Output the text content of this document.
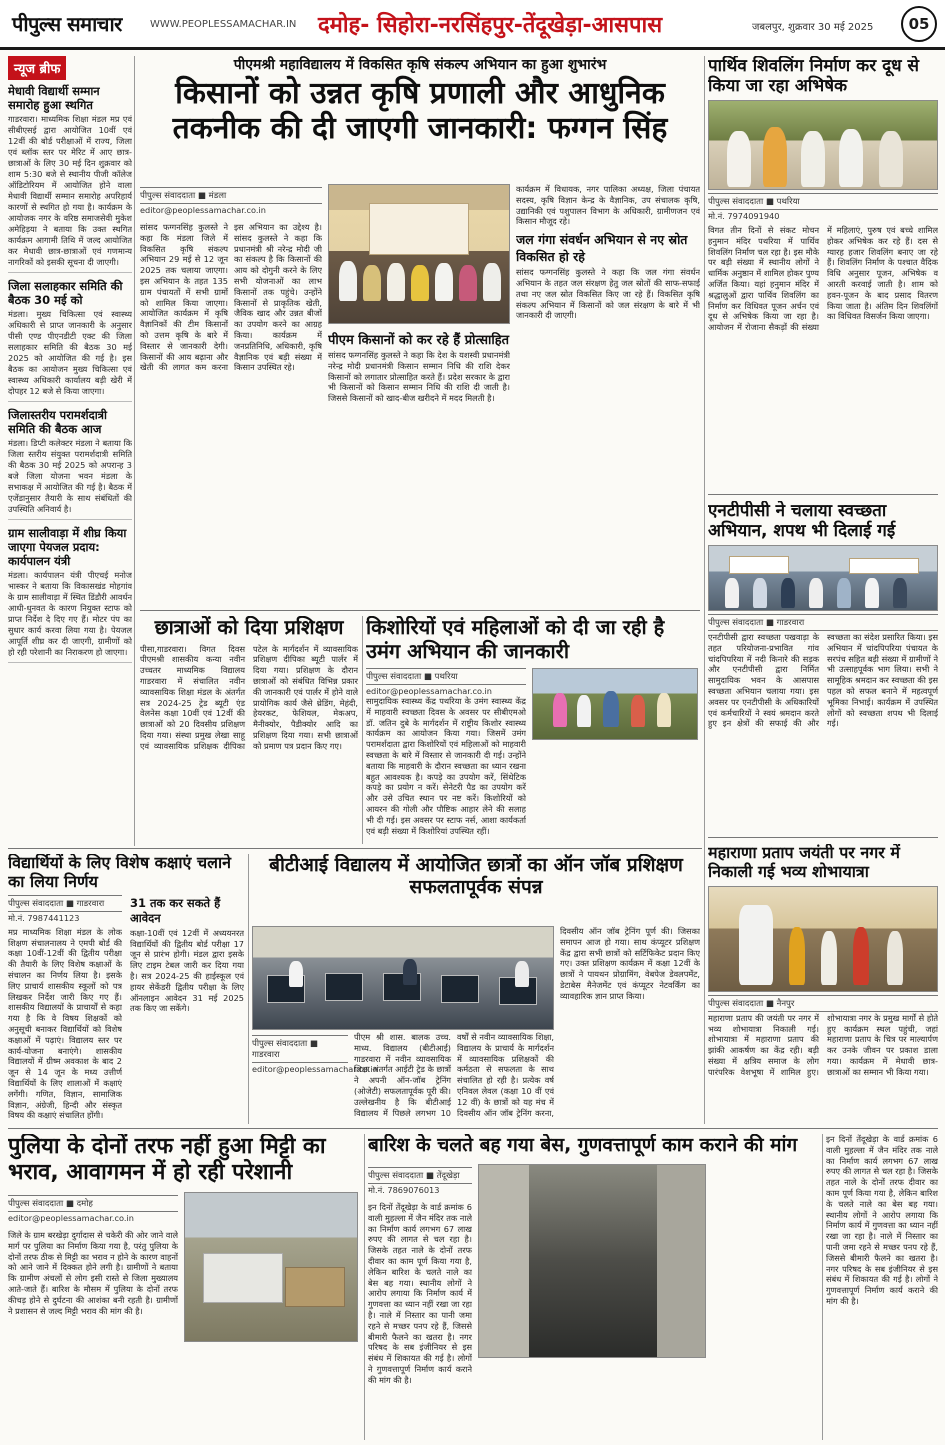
पीपुल्स समाचार	WWW.PEOPLESSAMACHAR.IN दमोह- सिहोरा-नरसिंहपुर-तेंदूखेड़ा-आसपास	जबलपुर, शुक्रवार 30 मई 2025	05
न्यूज ब्रीफ
मेधावी विद्यार्थी सम्मान समारोह हुआ स्थगित

गाडरवारा। माध्यमिक शिक्षा मंडल मप्र एवं सीबीएसई द्वारा आयोजित 10वीं एवं 12वीं की बोर्ड परीक्षाओं में राज्य, जिला एवं ब्लॉक स्तर पर मेरिट में आए छात्र-छात्राओं के लिए 30 मई दिन शुक्रवार को शाम 5:30 बजे से स्थानीय पीजी कॉलेज ऑडिटोरियम में आयोजित होने वाला मेधावी विद्यार्थी सम्मान समारोह अपरिहार्य कारणों से स्थगित हो गया है। कार्यक्रम के आयोजक नगर के वरिष्ठ समाजसेवी मुकेश अमेहिड़या ने बताया कि उक्त स्थगित कार्यक्रम आगामी तिथि में जल्द आयोजित कर मेधावी छात्र-छात्राओं एवं गणमान्य नागरिकों को इसकी सूचना दी जाएगी।

जिला सलाहकार समिति की बैठक 30 मई को

मंडला। मुख्य चिकित्सा एवं स्वास्थ्य अधिकारी से प्राप्त जानकारी के अनुसार पीसी एण्ड पीएनडीटी एक्ट की जिला सलाहकार समिति की बैठक 30 मई 2025 को आयोजित की गई है। इस बैठक का आयोजन मुख्य चिकित्सा एवं स्वास्थ्य अधिकारी कार्यालय बड़ी खेरी में दोपहर 12 बजे से किया जाएगा।

जिलास्तरीय परामर्शदात्री समिति की बैठक आज

मंडला। डिप्टी कलेक्टर मंडला ने बताया कि जिला स्तरीय संयुक्त परामर्शदात्री समिति की बैठक 30 मई 2025 को अपरान्ह 3 बजे जिला योजना भवन मंडला के सभाकक्ष में आयोजित की गई है। बैठक में एजेंडानुसार तैयारी के साथ संबंधितों की उपस्थिति अनिवार्य है।

ग्राम सालीवाड़ा में शीघ्र किया जाएगा पेयजल प्रदाय: कार्यपालन यंत्री

मंडला। कार्यपालन यंत्री पीएचई मनोज भास्कर ने बताया कि विकासखंड मोहगांव के ग्राम सालीवाड़ा में स्थित डिंडौरी आवर्धन आधी-धुनवत के कारण नियुक्त स्टाफ को प्राप्त निर्देश दे दिए गए हैं। मोटर पंप का सुधार कार्य करवा लिया गया है। पेयजल आपूर्ति शीघ्र कर दी जाएगी, ग्रामीणों को हो रही परेशानी का निराकरण हो जाएगा।

पीएमश्री महाविद्यालय में विकसित कृषि संकल्प अभियान का हुआ शुभारंभ
किसानों को उन्नत कृषि प्रणाली और आधुनिक तकनीक की दी जाएगी जानकारी: फग्गन सिंह
पीपुल्स संवाददाता ■ मंडला
editor@peoplessamachar.co.in
सांसद फग्गनसिंह कुलस्ते ने कहा कि मंडला जिले में विकसित कृषि संकल्प अभियान 29 मई से 12 जून 2025 तक चलाया जाएगा। इस अभियान के तहत 135 ग्राम पंचायतों में सभी ग्रामों को शामिल किया जाएगा। आयोजित कार्यक्रम में कृषि वैज्ञानिकों की टीम किसानों को उत्तम कृषि के बारे में विस्तार से जानकारी देगी। किसानों की आय बढ़ाना और खेती की लागत कम करना इस अभियान का उद्देश्य है। सांसद कुलस्ते ने कहा कि प्रधानमंत्री श्री नरेन्द्र मोदी जी का संकल्प है कि किसानों की आय को दोगुनी करने के लिए सभी योजनाओं का लाभ किसानों तक पहुंचे। उन्होंने किसानों से प्राकृतिक खेती, जैविक खाद और उन्नत बीजों का उपयोग करने का आग्रह किया। कार्यक्रम में जनप्रतिनिधि, अधिकारी, कृषि वैज्ञानिक एवं बड़ी संख्या में किसान उपस्थित रहे।
पीएम किसानों को कर रहे हैं प्रोत्साहित
सांसद फग्गनसिंह कुलस्ते ने कहा कि देश के यशस्वी प्रधानमंत्री नरेन्द्र मोदी प्रधानमंत्री किसान सम्मान निधि की राशि देकर किसानों को लगातार प्रोत्साहित करते हैं। प्रदेश सरकार के द्वारा भी किसानों को किसान सम्मान निधि की राशि दी जाती है। जिससे किसानों को खाद-बीज खरीदने में मदद मिलती है।
कार्यक्रम में विधायक, नगर पालिका अध्यक्ष, जिला पंचायत सदस्य, कृषि विज्ञान केन्द्र के वैज्ञानिक, उप संचालक कृषि, उद्यानिकी एवं पशुपालन विभाग के अधिकारी, ग्रामीणजन एवं किसान मौजूद रहे।
जल गंगा संवर्धन अभियान से नए स्रोत विकसित हो रहे
सांसद फग्गनसिंह कुलस्ते ने कहा कि जल गंगा संवर्धन अभियान के तहत जल संरक्षण हेतु जल स्रोतों की साफ-सफाई तथा नए जल स्रोत विकसित किए जा रहे हैं। विकसित कृषि संकल्प अभियान में किसानों को जल संरक्षण के बारे में भी जानकारी दी जाएगी।
छात्राओं को दिया प्रशिक्षण
पीसा,गाडरवारा। विगत दिवस पीएमश्री शासकीय कन्या नवीन उच्चतर माध्यमिक विद्यालय गाडरवारा में संचालित नवीन व्यावसायिक शिक्षा मंडल के अंतर्गत सत्र 2024-25 ट्रेड ब्यूटी एंड वेलनेस कक्षा 10वीं एवं 12वीं की छात्राओं को 20 दिवसीय प्रशिक्षण दिया गया। संस्था प्रमुख लेखा साहू एवं व्यावसायिक प्रशिक्षक दीपिका पटेल के मार्गदर्शन में व्यावसायिक प्रशिक्षण दीपिका ब्यूटी पार्लर में दिया गया। प्रशिक्षण के दौरान छात्राओं को संबंधित विभिन्न प्रकार की जानकारी एवं पार्लर में होने वाले प्रायोगिक कार्य जैसे थ्रेडिंग, मेहंदी, हेयरकट, फेशियल, मेकअप, मैनीक्योर, पैडीक्योर आदि का प्रशिक्षण दिया गया। सभी छात्राओं को प्रमाण पत्र प्रदान किए गए।
किशोरियों एवं महिलाओं को दी जा रही है उमंग अभियान की जानकारी
पीपुल्स संवाददाता ■ पथरिया
editor@peoplessamachar.co.in
सामुदायिक स्वास्थ्य केंद्र पथरिया के उमंग स्वास्थ्य केंद्र में माहवारी स्वच्छता दिवस के अवसर पर सीबीएमओ डॉ. जतिन दुबे के मार्गदर्शन में राष्ट्रीय किशोर स्वास्थ्य कार्यक्रम का आयोजन किया गया। जिसमें उमंग परामर्शदाता द्वारा किशोरियों एवं महिलाओं को माहवारी स्वच्छता के बारे में विस्तार से जानकारी दी गई। उन्होंने बताया कि माहवारी के दौरान स्वच्छता का ध्यान रखना बहुत आवश्यक है। कपड़े का उपयोग करें, सिंथेटिक कपड़े का प्रयोग न करें। सेनेटरी पैड का उपयोग करें और उसे उचित स्थान पर नष्ट करें। किशोरियों को आयरन की गोली और पौष्टिक आहार लेने की सलाह भी दी गई। इस अवसर पर स्टाफ नर्स, आशा कार्यकर्ता एवं बड़ी संख्या में किशोरियां उपस्थित रहीं।
पार्थिव शिवलिंग निर्माण कर दूध से किया जा रहा अभिषेक
पीपुल्स संवाददाता ■ पथरिया
मो.नं. 7974091940
विगत तीन दिनों से संकट मोचन हनुमान मंदिर पथरिया में पार्थिव शिवलिंग निर्माण चल रहा है। इस मौके पर बड़ी संख्या में स्थानीय लोगों ने धार्मिक अनुष्ठान में शामिल होकर पुण्य अर्जित किया। यहां हनुमान मंदिर में श्रद्धालुओं द्वारा पार्थिव शिवलिंग का निर्माण कर विधिवत पूजन अर्चन एवं दूध से अभिषेक किया जा रहा है। आयोजन में रोजाना सैकड़ों की संख्या में महिलाएं, पुरुष एवं बच्चे शामिल होकर अभिषेक कर रहे हैं। दस से ग्यारह हजार शिवलिंग बनाए जा रहे हैं। शिवलिंग निर्माण के पश्चात वैदिक विधि अनुसार पूजन, अभिषेक व आरती करवाई जाती है। शाम को हवन-पूजन के बाद प्रसाद वितरण किया जाता है। अंतिम दिन शिवलिंगों का विधिवत विसर्जन किया जाएगा।
एनटीपीसी ने चलाया स्वच्छता अभियान, शपथ भी दिलाई गई
पीपुल्स संवाददाता ■ गाडरवारा
एनटीपीसी द्वारा स्वच्छता पखवाड़ा के तहत परियोजना-प्रभावित गांव चांदपिपरिया में नदी किनारे की सड़क और एनटीपीसी द्वारा निर्मित सामुदायिक भवन के आसपास स्वच्छता अभियान चलाया गया। इस अवसर पर एनटीपीसी के अधिकारियों एवं कर्मचारियों ने स्वयं श्रमदान करते हुए इन क्षेत्रों की सफाई की और स्वच्छता का संदेश प्रसारित किया। इस अभियान में चांदपिपरिया पंचायत के सरपंच सहित बड़ी संख्या में ग्रामीणों ने भी उत्साहपूर्वक भाग लिया। सभी ने सामूहिक श्रमदान कर स्वच्छता की इस पहल को सफल बनाने में महत्वपूर्ण भूमिका निभाई। कार्यक्रम में उपस्थित लोगों को स्वच्छता शपथ भी दिलाई गई।
महाराणा प्रताप जयंती पर नगर में निकाली गई भव्य शोभायात्रा
पीपुल्स संवाददाता ■ नैनपुर
महाराणा प्रताप की जयंती पर नगर में भव्य शोभायात्रा निकाली गई। शोभायात्रा में महाराणा प्रताप की झांकी आकर्षण का केंद्र रही। बड़ी संख्या में क्षत्रिय समाज के लोग पारंपरिक वेशभूषा में शामिल हुए। शोभायात्रा नगर के प्रमुख मार्गों से होते हुए कार्यक्रम स्थल पहुंची, जहां महाराणा प्रताप के चित्र पर माल्यार्पण कर उनके जीवन पर प्रकाश डाला गया। कार्यक्रम में मेधावी छात्र-छात्राओं का सम्मान भी किया गया।
विद्यार्थियों के लिए विशेष कक्षाएं चलाने का लिया निर्णय
पीपुल्स संवाददाता ■ गाडरवारा
मो.नं. 7987441123
मप्र माध्यमिक शिक्षा मंडल के लोक शिक्षण संचालनालय ने एमपी बोर्ड की कक्षा 10वीं-12वीं की द्वितीय परीक्षा की तैयारी के लिए विशेष कक्षाओं के संचालन का निर्णय लिया है। इसके लिए प्राचार्य शासकीय स्कूलों को पत्र लिखकर निर्देश जारी किए गए हैं। शासकीय विद्यालयों के प्राचार्यों से कहा गया है कि वे विषय शिक्षकों को अनुसूची बनाकर विद्यार्थियों को विशेष कक्षाओं में पढ़ाएं। विद्यालय स्तर पर कार्य-योजना बनाएंगे। शासकीय विद्यालयों में ग्रीष्म अवकाश के बाद 2 जून से 14 जून के मध्य उत्तीर्ण विद्यार्थियों के लिए शालाओं में कक्षाएं लगेंगी। गणित, विज्ञान, सामाजिक विज्ञान, अंग्रेजी, हिन्दी और संस्कृत विषय की कक्षाएं संचालित होंगी।
31 तक कर सकते हैं आवेदन
कक्षा-10वीं एवं 12वीं में अध्ययनरत विद्यार्थियों की द्वितीय बोर्ड परीक्षा 17 जून से प्रारंभ होगी। मंडल द्वारा इसके लिए टाइम टेबल जारी कर दिया गया है। सत्र 2024-25 की हाईस्कूल एवं हायर सेकेंडरी द्वितीय परीक्षा के लिए ऑनलाइन आवेदन 31 मई 2025 तक किए जा सकेंगे।
बीटीआई विद्यालय में आयोजित छात्रों का ऑन जॉब प्रशिक्षण सफलतापूर्वक संपन्न
दिवसीय ऑन जॉब ट्रेनिंग पूर्ण की। जिसका समापन आज हो गया। साथ कंप्यूटर प्रशिक्षण केंद्र द्वारा सभी छात्रों को सर्टिफिकेट प्रदान किए गए। उक्त प्रशिक्षण कार्यक्रम में कक्षा 12वीं के छात्रों ने पायथन प्रोग्रामिंग, वेबपेज डेवलपमेंट, डेटाबेस मैनेजमेंट एवं कंप्यूटर नेटवर्किंग का व्यावहारिक ज्ञान प्राप्त किया।
पीपुल्स संवाददाता ■ गाडरवारा
editor@peoplessamachar.co.in
पीएम श्री शास. बालक उच्च. माध्य. विद्यालय (बीटीआई) गाडरवारा में नवीन व्यावसायिक शिक्षा अंतर्गत आईटी ट्रेड के छात्रों ने अपनी ऑन-जॉब ट्रेनिंग (ओजेटी) सफलतापूर्वक पूरी की। उल्लेखनीय है कि बीटीआई विद्यालय में पिछले लगभग 10 वर्षों से नवीन व्यावसायिक शिक्षा, विद्यालय के प्राचार्य के मार्गदर्शन में व्यावसायिक प्रशिक्षकों की कर्मठता से सफलता के साथ संचालित हो रही है। प्रत्येक वर्ष एनिवल लेवल (कक्षा 10 वीं एवं 12 वीं) के छात्रों को यह मंच में दिवसीय ऑन जॉब ट्रेनिंग करना,
पुलिया के दोनों तरफ नहीं हुआ मिट्टी का भराव, आवागमन में हो रही परेशानी
पीपुल्स संवाददाता ■ दमोह
editor@peoplessamachar.co.in
जिले के ग्राम बरखेड़ा दुर्गादास से चकेरी की ओर जाने वाले मार्ग पर पुलिया का निर्माण किया गया है, परंतु पुलिया के दोनों तरफ ठीक से मिट्टी का भराव न होने के कारण वाहनों को आने जाने में दिक्कत होने लगी है। ग्रामीणों ने बताया कि ग्रामीण अंचलों से लोग इसी रास्ते से जिला मुख्यालय आते-जाते हैं। बारिश के मौसम में पुलिया के दोनों तरफ कीचड़ होने से दुर्घटना की आशंका बनी रहती है। ग्रामीणों ने प्रशासन से जल्द मिट्टी भराव की मांग की है।
बारिश के चलते बह गया बेस, गुणवत्तापूर्ण काम कराने की मांग
पीपुल्स संवाददाता ■ तेंदूखेड़ा
मो.नं. 7869076013
इन दिनों तेंदूखेड़ा के वार्ड क्रमांक 6 वाली मुहल्ला में जैन मंदिर तक नाले का निर्माण कार्य लगभग 67 लाख रुपए की लागत से चल रहा है। जिसके तहत नाले के दोनों तरफ दीवार का काम पूर्ण किया गया है, लेकिन बारिश के चलते नाले का बेस बह गया। स्थानीय लोगों ने आरोप लगाया कि निर्माण कार्य में गुणवत्ता का ध्यान नहीं रखा जा रहा है। नाले में निस्तार का पानी जमा रहने से मच्छर पनप रहे हैं, जिससे बीमारी फैलने का खतरा है। नगर परिषद के सब इंजीनियर से इस संबंध में शिकायत की गई है। लोगों ने गुणवत्तापूर्ण निर्माण कार्य कराने की मांग की है।
इन दिनों तेंदूखेड़ा के वार्ड क्रमांक 6 वाली मुहल्ला में जैन मंदिर तक नाले का निर्माण कार्य लगभग 67 लाख रुपए की लागत से चल रहा है। जिसके तहत नाले के दोनों तरफ दीवार का काम पूर्ण किया गया है, लेकिन बारिश के चलते नाले का बेस बह गया। स्थानीय लोगों ने आरोप लगाया कि निर्माण कार्य में गुणवत्ता का ध्यान नहीं रखा जा रहा है। नाले में निस्तार का पानी जमा रहने से मच्छर पनप रहे हैं, जिससे बीमारी फैलने का खतरा है। नगर परिषद के सब इंजीनियर से इस संबंध में शिकायत की गई है। लोगों ने गुणवत्तापूर्ण निर्माण कार्य कराने की मांग की है।
